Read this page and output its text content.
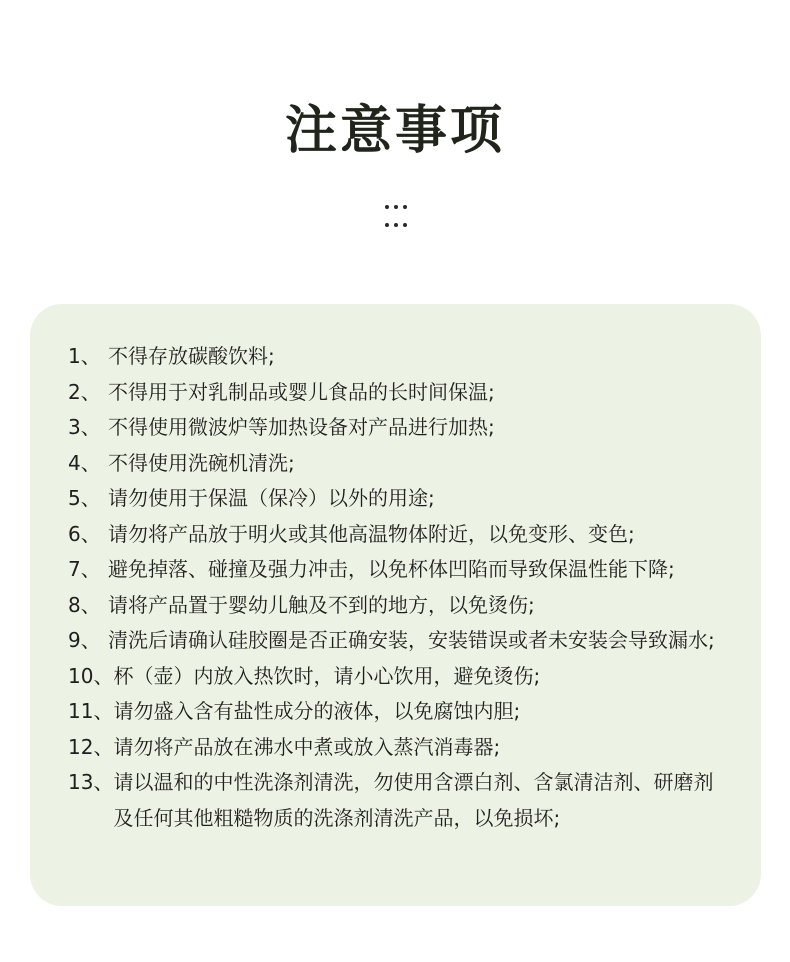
注意事项
1、 不得存放碳酸饮料;
2、 不得用于对乳制品或婴儿食品的长时间保温;
3、 不得使用微波炉等加热设备对产品进行加热;
4、 不得使用洗碗机清洗;
5、 请勿使用于保温（保冷）以外的用途;
6、 请勿将产品放于明火或其他高温物体附近，以免变形、变色;
7、 避免掉落、碰撞及强力冲击，以免杯体凹陷而导致保温性能下降;
8、 请将产品置于婴幼儿触及不到的地方，以免烫伤;
9、 清洗后请确认硅胶圈是否正确安装，安装错误或者未安装会导致漏水;
10、 杯（壶）内放入热饮时，请小心饮用，避免烫伤;
11、 请勿盛入含有盐性成分的液体，以免腐蚀内胆;
12、 请勿将产品放在沸水中煮或放入蒸汽消毒器;
13、 请以温和的中性洗涤剂清洗，勿使用含漂白剂、含氯清洁剂、研磨剂及任何其他粗糙物质的洗涤剂清洗产品，以免损坏;
